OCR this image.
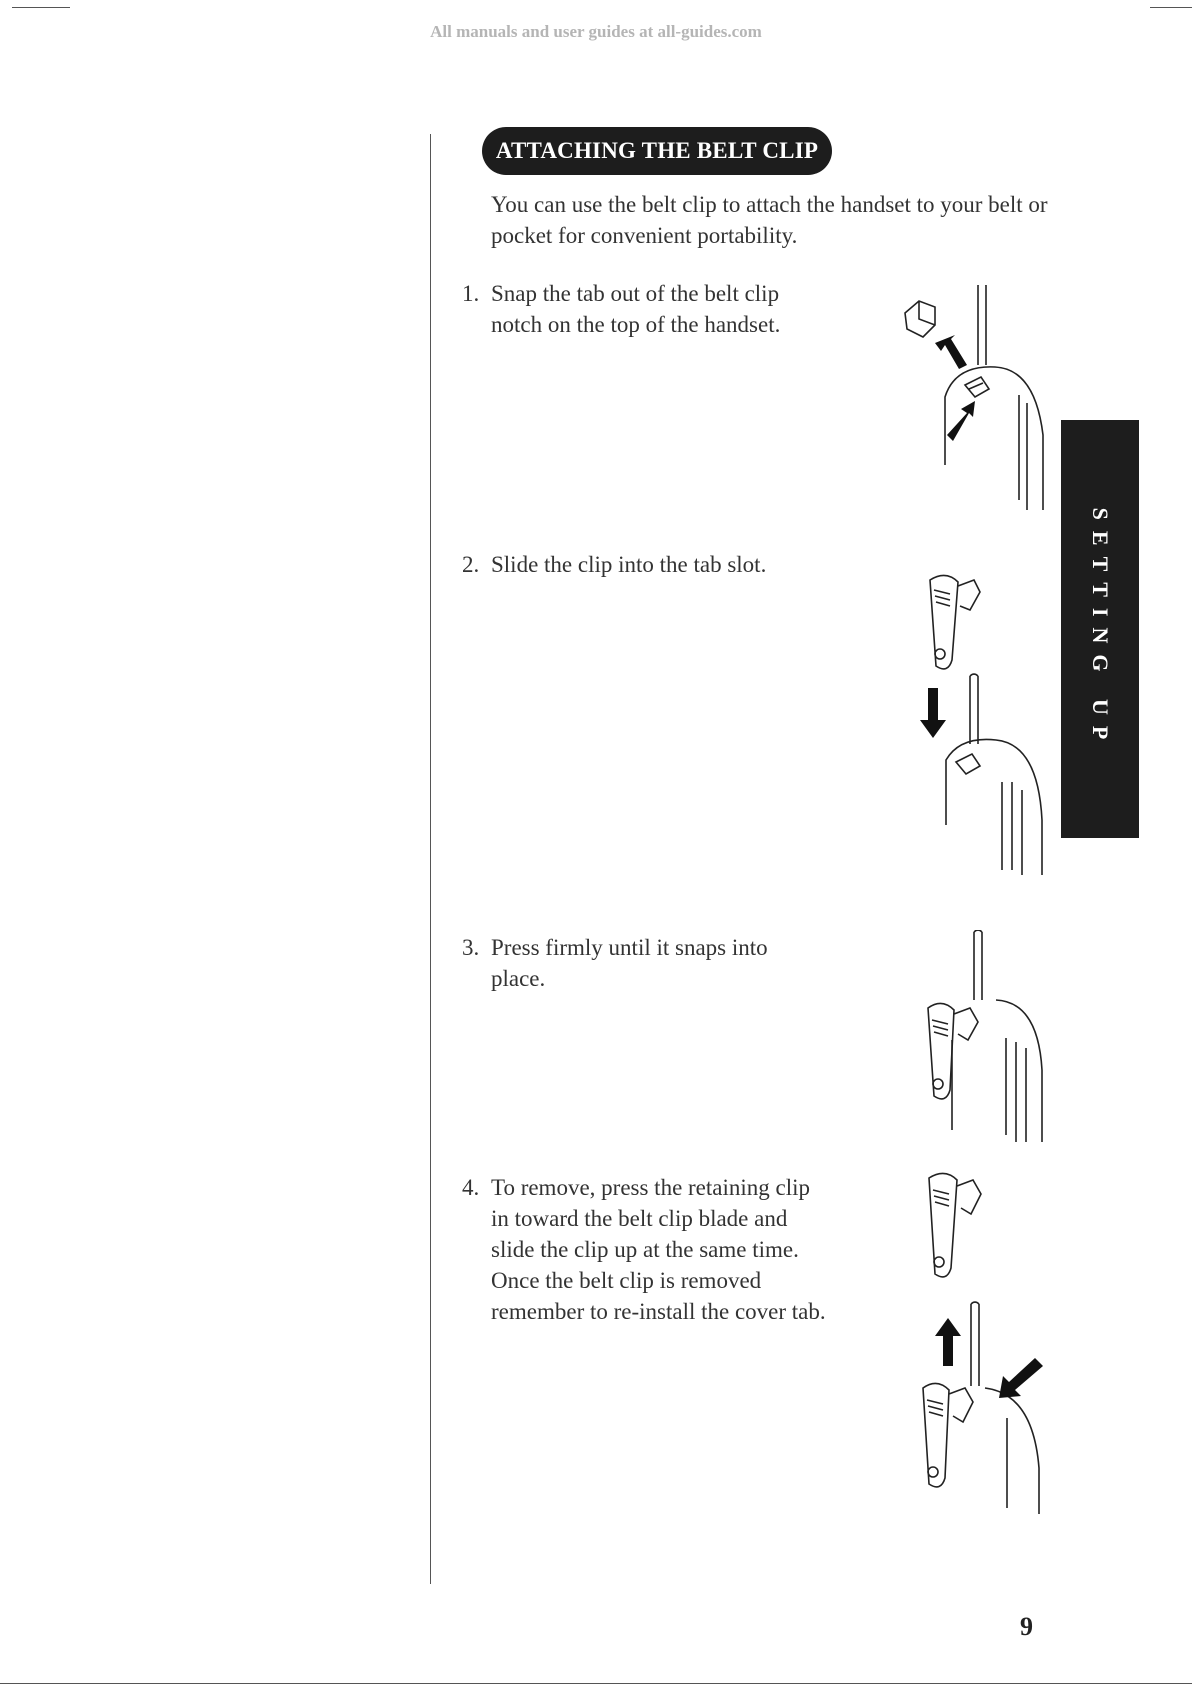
All manuals and user guides at all-guides.com
ATTACHING THE BELT CLIP
You can use the belt clip to attach the handset to your belt or pocket for convenient portability.
1. Snap the tab out of the belt clip notch on the top of the handset.
2. Slide the clip into the tab slot.
3. Press firmly until it snaps into place.
4. To remove, press the retaining clip in toward the belt clip blade and slide the clip up at the same time. Once the belt clip is removed remember to re-install the cover tab.
SETTING UP
9
